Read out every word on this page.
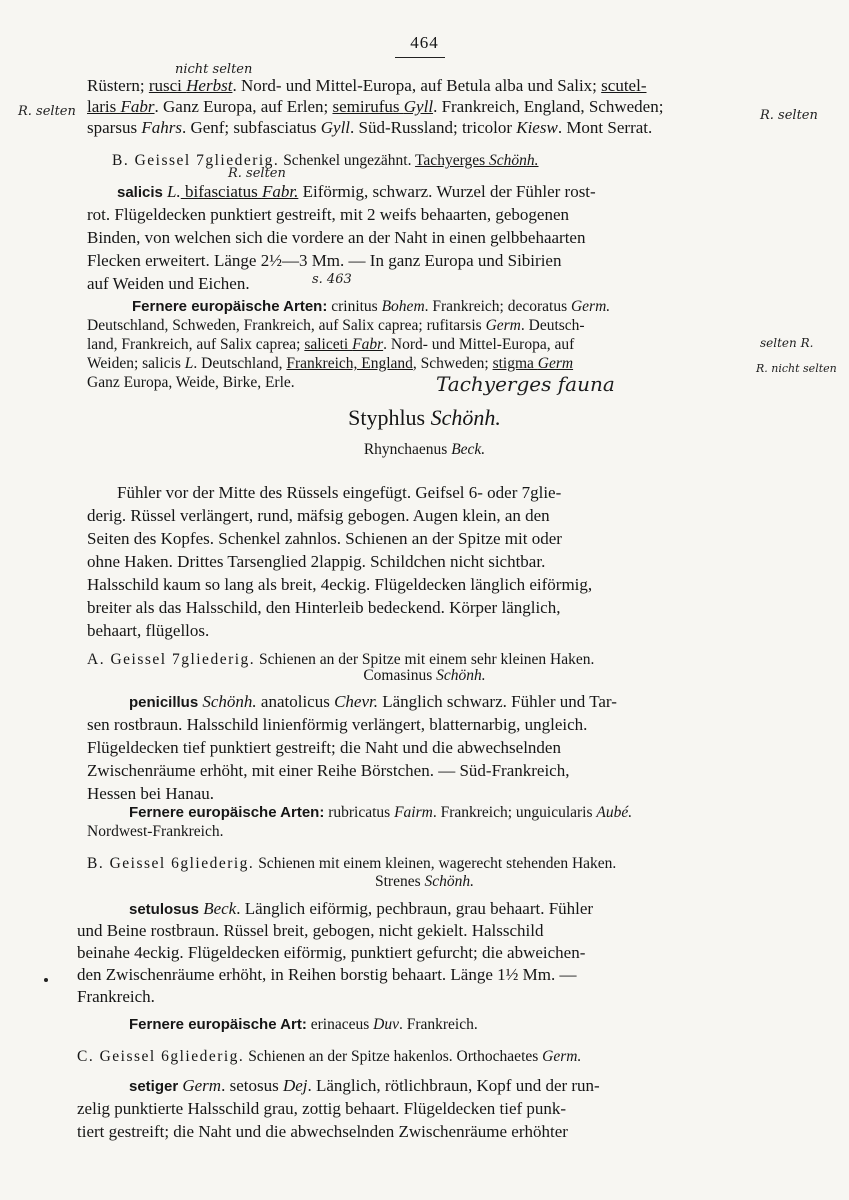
464
nicht selten
R. selten	R. selten
R. selten
s. 463
Tachyerges fauna
selten R.
R. nicht selten
Rüstern; rusci Herbst. Nord- und Mittel-Europa, auf Betula alba und Salix; scutel-
laris Fabr. Ganz Europa, auf Erlen; semirufus Gyll. Frankreich, England, Schweden;
sparsus Fahrs. Genf; subfasciatus Gyll. Süd-Russland; tricolor Kiesw. Mont Serrat.
B. Geissel 7gliederig. Schenkel ungezähnt. Tachyerges Schönh.
salicis L. bifasciatus Fabr. Eiförmig, schwarz. Wurzel der Fühler rost-
rot. Flügeldecken punktiert gestreift, mit 2 weifs behaarten, gebogenen
Binden, von welchen sich die vordere an der Naht in einen gelbbehaarten
Flecken erweitert. Länge 2½—3 Mm. — In ganz Europa und Sibirien
auf Weiden und Eichen.
Fernere europäische Arten: crinitus Bohem. Frankreich; decoratus Germ.
Deutschland, Schweden, Frankreich, auf Salix caprea; rufitarsis Germ. Deutsch-
land, Frankreich, auf Salix caprea; saliceti Fabr. Nord- und Mittel-Europa, auf
Weiden; salicis L. Deutschland, Frankreich, England, Schweden; stigma Germ
Ganz Europa, Weide, Birke, Erle.
Styphlus Schönh.
Rhynchaenus Beck.
Fühler vor der Mitte des Rüssels eingefügt. Geifsel 6- oder 7glie-
derig. Rüssel verlängert, rund, mäfsig gebogen. Augen klein, an den
Seiten des Kopfes. Schenkel zahnlos. Schienen an der Spitze mit oder
ohne Haken. Drittes Tarsenglied 2lappig. Schildchen nicht sichtbar.
Halsschild kaum so lang als breit, 4eckig. Flügeldecken länglich eiförmig,
breiter als das Halsschild, den Hinterleib bedeckend. Körper länglich,
behaart, flügellos.
A. Geissel 7gliederig. Schienen an der Spitze mit einem sehr kleinen Haken.
Comasinus Schönh.
penicillus Schönh. anatolicus Chevr. Länglich schwarz. Fühler und Tar-
sen rostbraun. Halsschild linienförmig verlängert, blatternarbig, ungleich.
Flügeldecken tief punktiert gestreift; die Naht und die abwechselnden
Zwischenräume erhöht, mit einer Reihe Börstchen. — Süd-Frankreich,
Hessen bei Hanau.
Fernere europäische Arten: rubricatus Fairm. Frankreich; unguicularis Aubé.
Nordwest-Frankreich.
B. Geissel 6gliederig. Schienen mit einem kleinen, wagerecht stehenden Haken.
Strenes Schönh.
setulosus Beck. Länglich eiförmig, pechbraun, grau behaart. Fühler
und Beine rostbraun. Rüssel breit, gebogen, nicht gekielt. Halsschild
beinahe 4eckig. Flügeldecken eiförmig, punktiert gefurcht; die abweichen-
den Zwischenräume erhöht, in Reihen borstig behaart. Länge 1½ Mm. —
Frankreich.
Fernere europäische Art: erinaceus Duv. Frankreich.
C. Geissel 6gliederig. Schienen an der Spitze hakenlos. Orthochaetes Germ.
setiger Germ. setosus Dej. Länglich, rötlichbraun, Kopf und der run-
zelig punktierte Halsschild grau, zottig behaart. Flügeldecken tief punk-
tiert gestreift; die Naht und die abwechselnden Zwischenräume erhöhter
